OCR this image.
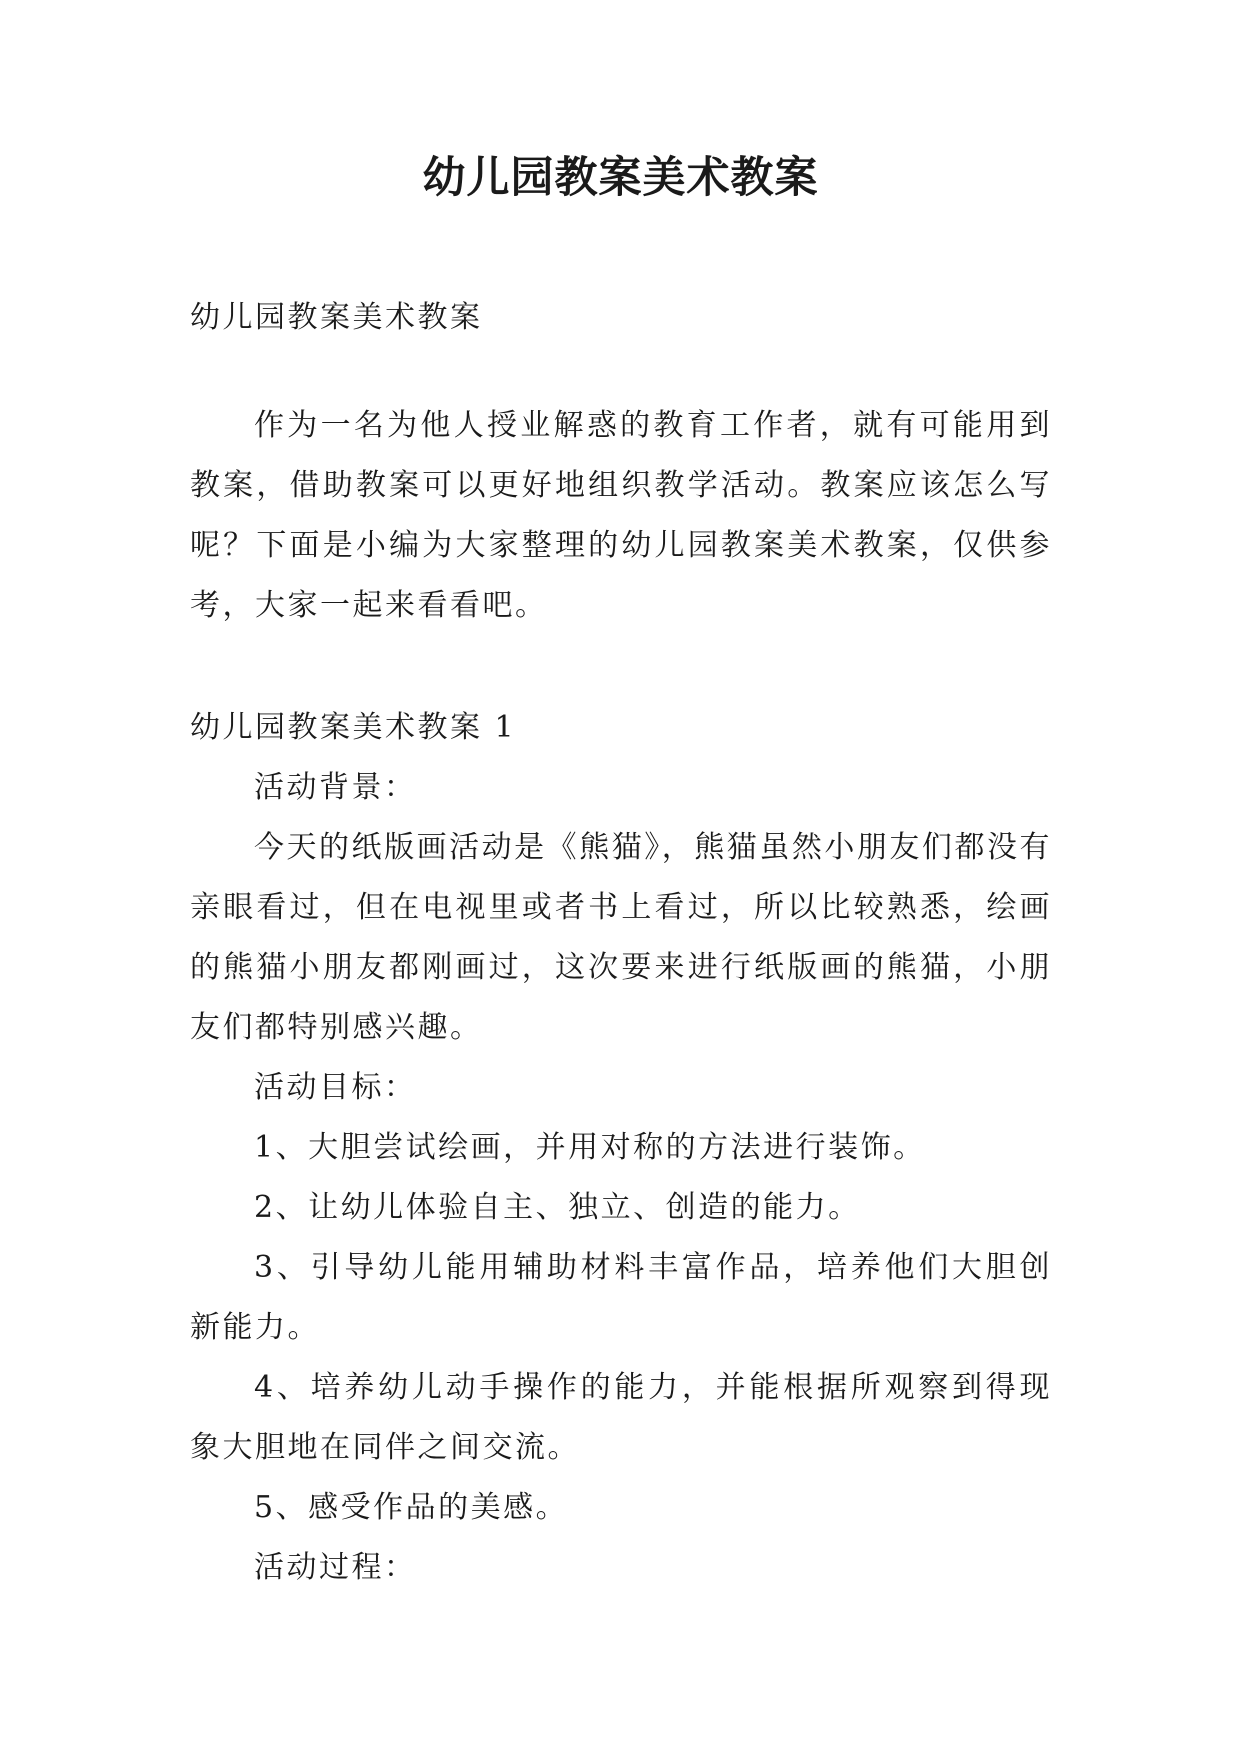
幼儿园教案美术教案
幼儿园教案美术教案
作为一名为他人授业解惑的教育工作者，就有可能用到教案，借助教案可以更好地组织教学活动。教案应该怎么写呢？下面是小编为大家整理的幼儿园教案美术教案，仅供参考，大家一起来看看吧。

幼儿园教案美术教案 1

活动背景：

今天的纸版画活动是《熊猫》，熊猫虽然小朋友们都没有亲眼看过，但在电视里或者书上看过，所以比较熟悉，绘画的熊猫小朋友都刚画过，这次要来进行纸版画的熊猫，小朋友们都特别感兴趣。

活动目标：

1、大胆尝试绘画，并用对称的方法进行装饰。

2、让幼儿体验自主、独立、创造的能力。

3、引导幼儿能用辅助材料丰富作品，培养他们大胆创新能力。

4、培养幼儿动手操作的能力，并能根据所观察到得现象大胆地在同伴之间交流。

5、感受作品的美感。

活动过程：
